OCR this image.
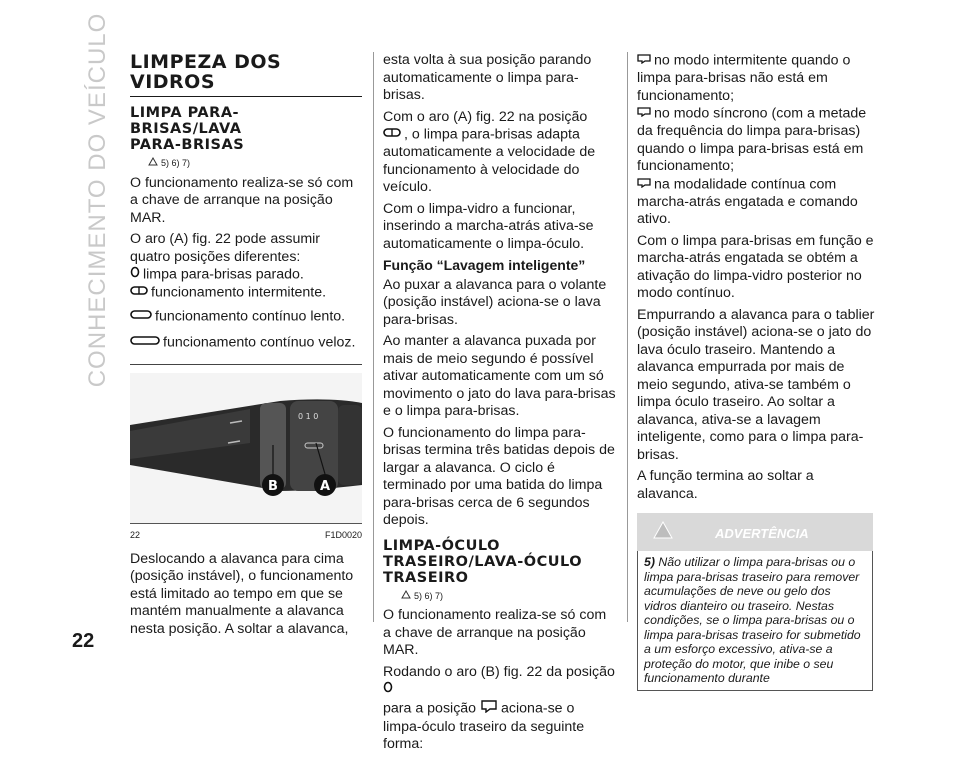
CONHECIMENTO DO VEÍCULO
22
LIMPEZA DOS
VIDROS
LIMPA PARA-
BRISAS/LAVA
PARA-BRISAS
5) 6) 7)

O funcionamento realiza-se só com a chave de arranque na posição MAR.

O aro (A) fig. 22 pode assumir quatro posições diferentes:

limpa para-brisas parado.
funcionamento intermitente.
funcionamento contínuo lento.
funcionamento contínuo veloz.
0 1 0
B	A
22	F1D0020

Deslocando a alavanca para cima (posição instável), o funcionamento está limitado ao tempo em que se mantém manualmente a alavanca nesta posição. A soltar a alavanca,

esta volta à sua posição parando automaticamente o limpa para-brisas.

Com o aro (A) fig. 22 na posição
, o limpa para-brisas adapta automaticamente a velocidade de funcionamento à velocidade do veículo.

Com o limpa-vidro a funcionar, inserindo a marcha-atrás ativa-se automaticamente o limpa-óculo.

Função “Lavagem inteligente”

Ao puxar a alavanca para o volante (posição instável) aciona-se o lava para-brisas.

Ao manter a alavanca puxada por mais de meio segundo é possível ativar automaticamente com um só movimento o jato do lava para-brisas e o limpa para-brisas.

O funcionamento do limpa para-brisas termina três batidas depois de largar a alavanca. O ciclo é terminado por uma batida do limpa para-brisas cerca de 6 segundos depois.

LIMPA-ÓCULO
TRASEIRO/LAVA-ÓCULO
TRASEIRO
5) 6) 7)

O funcionamento realiza-se só com a chave de arranque na posição MAR.

Rodando o aro (B) fig. 22 da posição
para a posição aciona-se o limpa-óculo traseiro da seguinte forma:

no modo intermitente quando o limpa para-brisas não está em funcionamento;
no modo síncrono (com a metade da frequência do limpa para-brisas) quando o limpa para-brisas está em funcionamento;
na modalidade contínua com marcha-atrás engatada e comando ativo.

Com o limpa para-brisas em função e marcha-atrás engatada se obtém a ativação do limpa-vidro posterior no modo contínuo.

Empurrando a alavanca para o tablier (posição instável) aciona-se o jato do lava óculo traseiro. Mantendo a alavanca empurrada por mais de meio segundo, ativa-se também o limpa óculo traseiro. Ao soltar a alavanca, ativa-se a lavagem inteligente, como para o limpa para-brisas.

A função termina ao soltar a alavanca.

ADVERTÊNCIA
5) Não utilizar o limpa para-brisas ou o limpa para-brisas traseiro para remover acumulações de neve ou gelo dos vidros dianteiro ou traseiro. Nestas condições, se o limpa para-brisas ou o limpa para-brisas traseiro for submetido a um esforço excessivo, ativa-se a proteção do motor, que inibe o seu funcionamento durante
